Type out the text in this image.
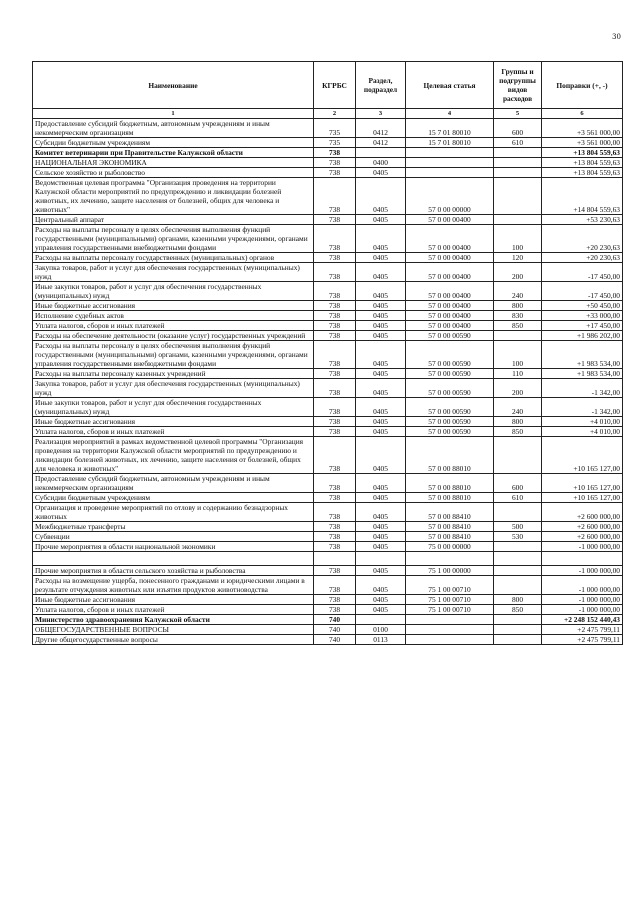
30
Наименование	КГРБС	Раздел, подраздел	Целевая статья	Группы и подгруппы видов расходов	Поправки (+, -)
1	2	3	4	5	6
Предоставление субсидий бюджетным, автономным учреждениям и иным некоммерческим организациям	735	0412	15 7 01 80010	600	+3 561 000,00
Субсидии бюджетным учреждениям	735	0412	15 7 01 80010	610	+3 561 000,00
Комитет ветеринарии при Правительстве Калужской области	738				+13 804 559,63
НАЦИОНАЛЬНАЯ ЭКОНОМИКА	738	0400			+13 804 559,63
Сельское хозяйство и рыболовство	738	0405			+13 804 559,63
Ведомственная целевая программа "Организация проведения на территории Калужской области мероприятий по предупреждению и ликвидации болезней животных, их лечению, защите населения от болезней, общих для человека и животных"	738	0405	57 0 00 00000		+14 804 559,63
Центральный аппарат	738	0405	57 0 00 00400		+53 230,63
Расходы на выплаты персоналу в целях обеспечения выполнения функций государственными (муниципальными) органами, казенными учреждениями, органами управления государственными внебюджетными фондами	738	0405	57 0 00 00400	100	+20 230,63
Расходы на выплаты персоналу государственных (муниципальных) органов	738	0405	57 0 00 00400	120	+20 230,63
Закупка товаров, работ и услуг для обеспечения государственных (муниципальных) нужд	738	0405	57 0 00 00400	200	-17 450,00
Иные закупки товаров, работ и услуг для обеспечения государственных (муниципальных) нужд	738	0405	57 0 00 00400	240	-17 450,00
Иные бюджетные ассигнования	738	0405	57 0 00 00400	800	+50 450,00
Исполнение судебных актов	738	0405	57 0 00 00400	830	+33 000,00
Уплата налогов, сборов и иных платежей	738	0405	57 0 00 00400	850	+17 450,00
Расходы на обеспечение деятельности (оказание услуг) государственных учреждений	738	0405	57 0 00 00590		+1 986 202,00
Расходы на выплаты персоналу в целях обеспечения выполнения функций государственными (муниципальными) органами, казенными учреждениями, органами управления государственными внебюджетными фондами	738	0405	57 0 00 00590	100	+1 983 534,00
Расходы на выплаты персоналу казенных учреждений	738	0405	57 0 00 00590	110	+1 983 534,00
Закупка товаров, работ и услуг для обеспечения государственных (муниципальных) нужд	738	0405	57 0 00 00590	200	-1 342,00
Иные закупки товаров, работ и услуг для обеспечения государственных (муниципальных) нужд	738	0405	57 0 00 00590	240	-1 342,00
Иные бюджетные ассигнования	738	0405	57 0 00 00590	800	+4 010,00
Уплата налогов, сборов и иных платежей	738	0405	57 0 00 00590	850	+4 010,00
Реализация мероприятий в рамках ведомственной целевой программы "Организация проведения на территории Калужской области мероприятий по предупреждению и ликвидации болезней животных, их лечению, защите населения от болезней, общих для человека и животных"	738	0405	57 0 00 88010		+10 165 127,00
Предоставление субсидий бюджетным, автономным учреждениям и иным некоммерческим организациям	738	0405	57 0 00 88010	600	+10 165 127,00
Субсидии бюджетным учреждениям	738	0405	57 0 00 88010	610	+10 165 127,00
Организация и проведение мероприятий по отлову и содержанию безнадзорных животных	738	0405	57 0 00 88410		+2 600 000,00
Межбюджетные трансферты	738	0405	57 0 00 88410	500	+2 600 000,00
Субвенции	738	0405	57 0 00 88410	530	+2 600 000,00
Прочие мероприятия в области национальной экономики	738	0405	75 0 00 00000		-1 000 000,00

Прочие мероприятия в области сельского хозяйства и рыболовства	738	0405	75 1 00 00000		-1 000 000,00
Расходы на возмещение ущерба, понесенного гражданами и юридическими лицами в результате отчуждения животных или изъятия продуктов животноводства	738	0405	75 1 00 00710		-1 000 000,00
Иные бюджетные ассигнования	738	0405	75 1 00 00710	800	-1 000 000,00
Уплата налогов, сборов и иных платежей	738	0405	75 1 00 00710	850	-1 000 000,00
Министерство здравоохранения Калужской области	740				+2 248 152 440,43
ОБЩЕГОСУДАРСТВЕННЫЕ ВОПРОСЫ	740	0100			+2 475 799,11
Другие общегосударственные вопросы	740	0113			+2 475 799,11
